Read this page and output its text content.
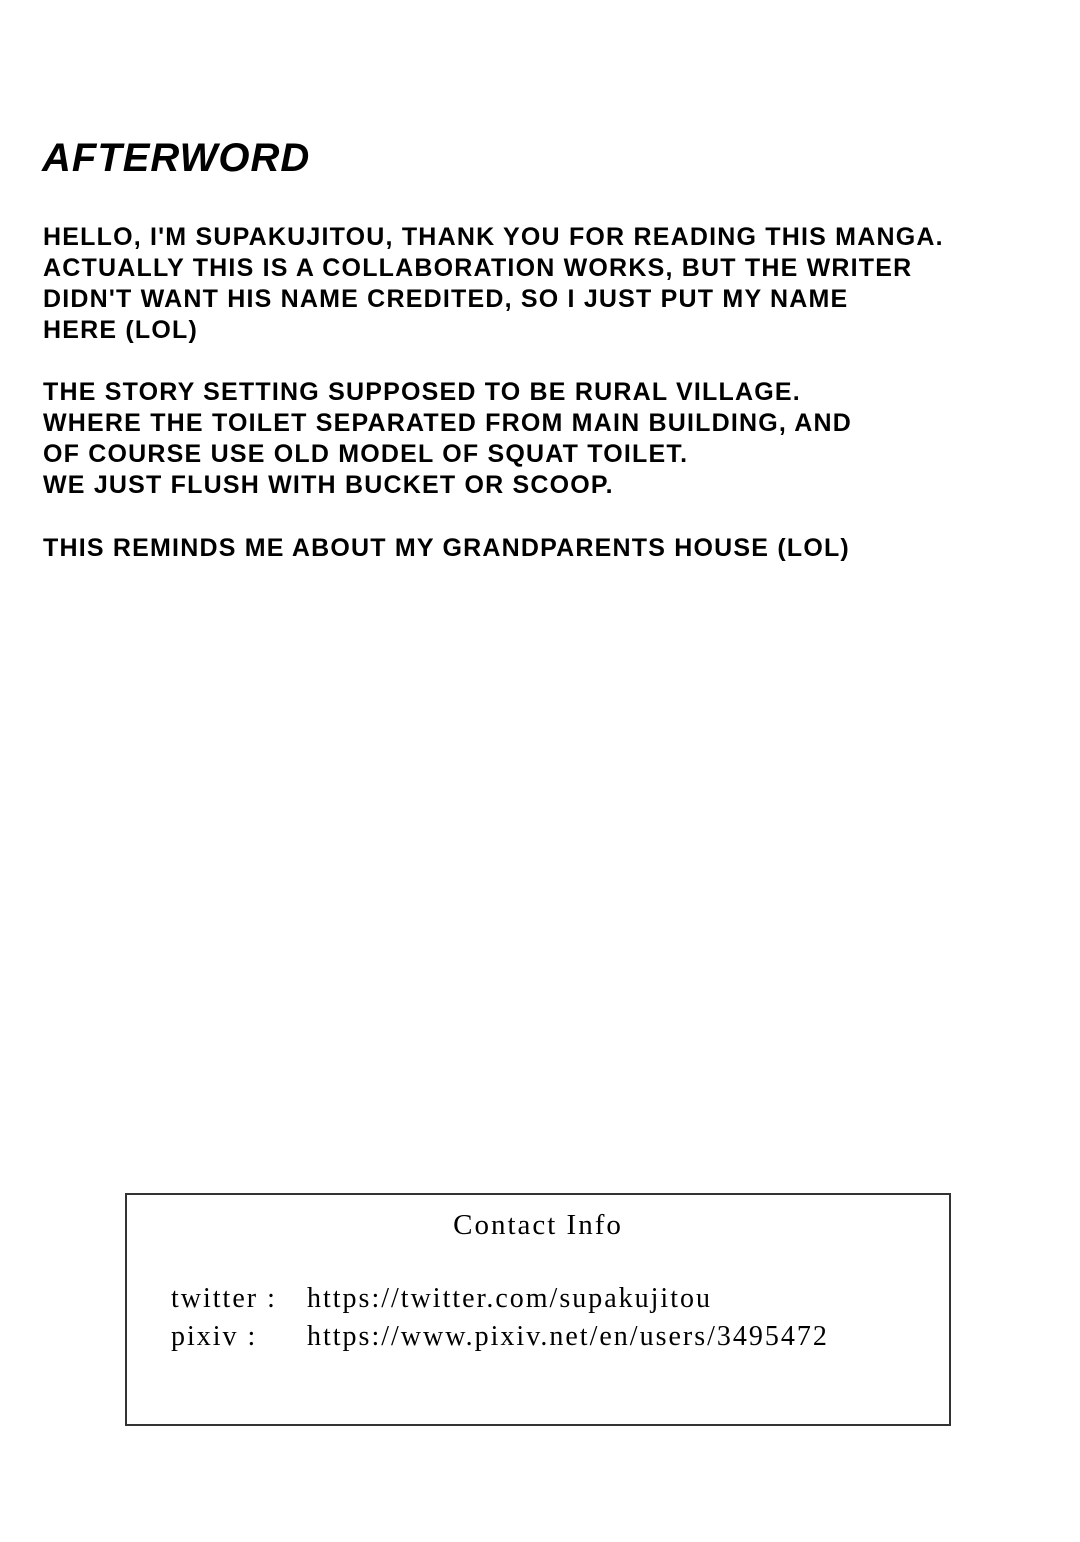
AFTERWORD
HELLO, I'M SUPAKUJITOU, THANK YOU FOR READING THIS MANGA.
ACTUALLY THIS IS A COLLABORATION WORKS, BUT THE WRITER
DIDN'T WANT HIS NAME CREDITED, SO I JUST PUT MY NAME
HERE (LOL)
THE STORY SETTING SUPPOSED TO BE RURAL VILLAGE.
WHERE THE TOILET SEPARATED FROM MAIN BUILDING, AND
OF COURSE USE OLD MODEL OF SQUAT TOILET.
WE JUST FLUSH WITH BUCKET OR SCOOP.
THIS REMINDS ME ABOUT MY GRANDPARENTS HOUSE (LOL)
Contact Info
twitter : https://twitter.com/supakujitou
pixiv : https://www.pixiv.net/en/users/3495472
